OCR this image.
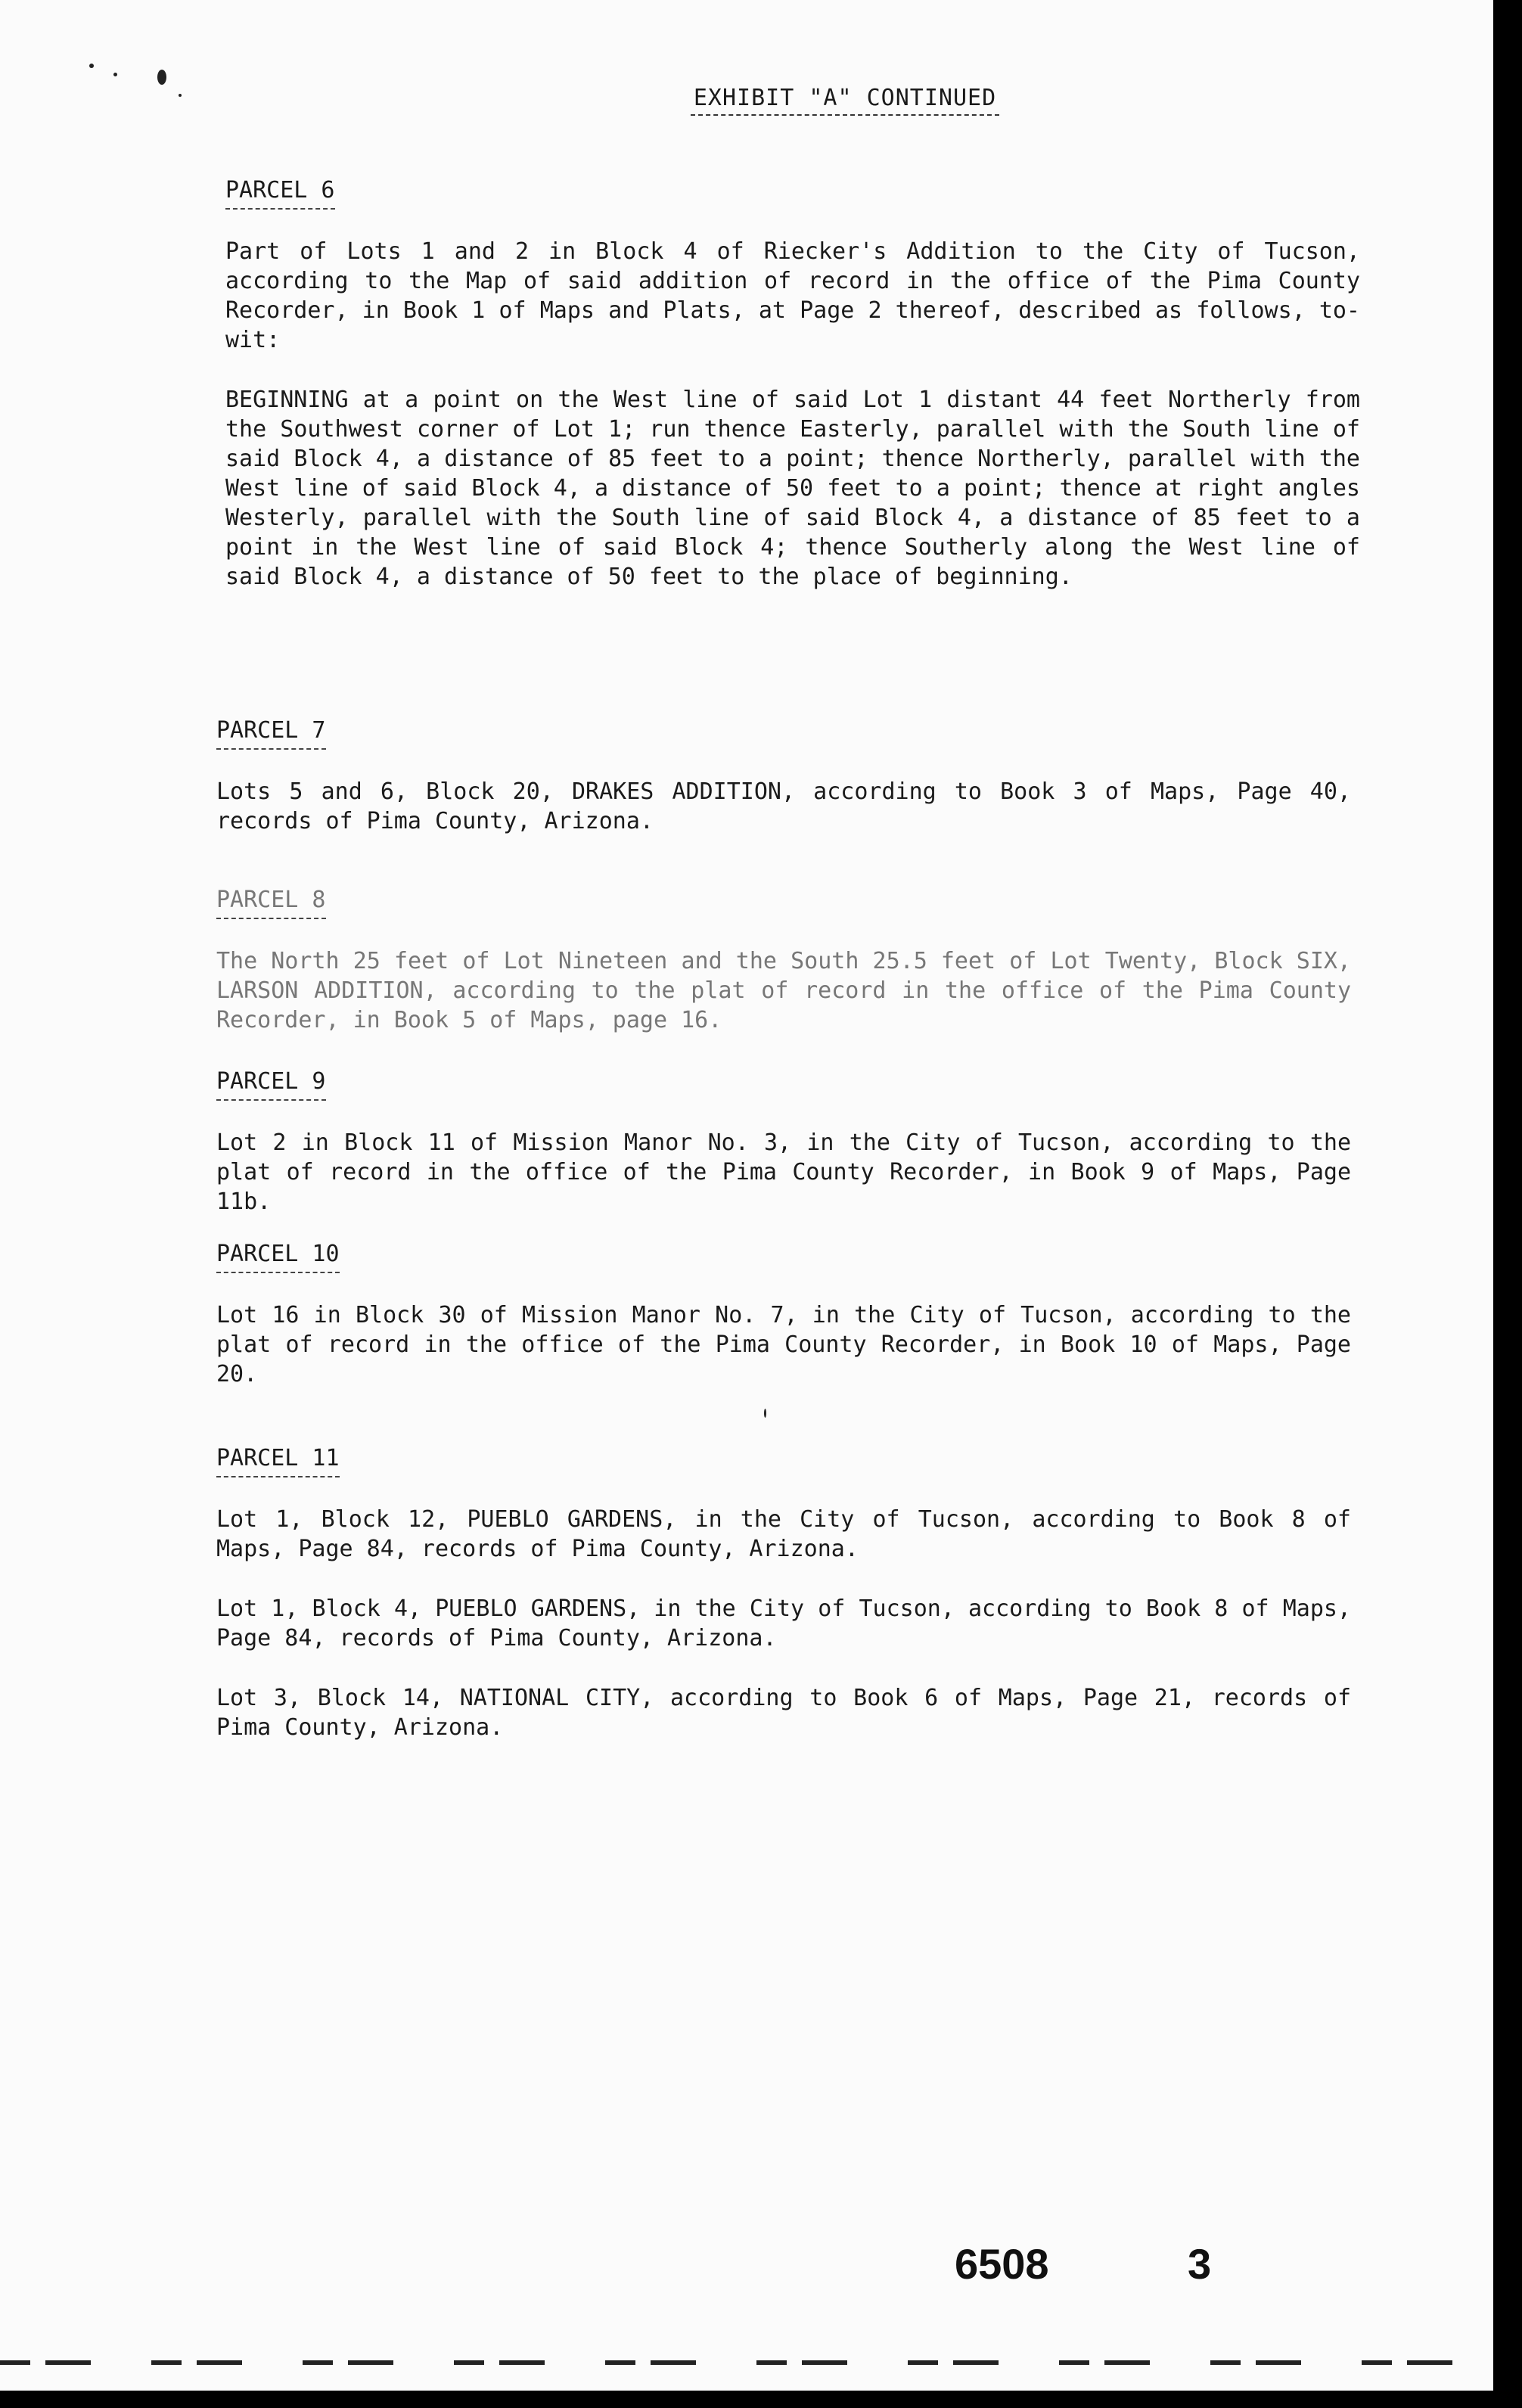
EXHIBIT "A" CONTINUED
PARCEL 6

Part of Lots 1 and 2 in Block 4 of Riecker's Addition to the City of Tucson, according to the Map of said addition of record in the office of the Pima County Recorder, in Book 1 of Maps and Plats, at Page 2 thereof, described as follows, to-wit:

BEGINNING at a point on the West line of said Lot 1 distant 44 feet Northerly from the Southwest corner of Lot 1; run thence Easterly, parallel with the South line of said Block 4, a distance of 85 feet to a point; thence Northerly, parallel with the West line of said Block 4, a distance of 50 feet to a point; thence at right angles Westerly, parallel with the South line of said Block 4, a distance of 85 feet to a point in the West line of said Block 4; thence Southerly along the West line of said Block 4, a distance of 50 feet to the place of beginning.

PARCEL 7

Lots 5 and 6, Block 20, DRAKES ADDITION, according to Book 3 of Maps, Page 40, records of Pima County, Arizona.

PARCEL 8

The North 25 feet of Lot Nineteen and the South 25.5 feet of Lot Twenty, Block SIX, LARSON ADDITION, according to the plat of record in the office of the Pima County Recorder, in Book 5 of Maps, page 16.

PARCEL 9

Lot 2 in Block 11 of Mission Manor No. 3, in the City of Tucson, according to the plat of record in the office of the Pima County Recorder, in Book 9 of Maps, Page 11b.

PARCEL 10

Lot 16 in Block 30 of Mission Manor No. 7, in the City of Tucson, according to the plat of record in the office of the Pima County Recorder, in Book 10 of Maps, Page 20.

PARCEL 11

Lot 1, Block 12, PUEBLO GARDENS, in the City of Tucson, according to Book 8 of Maps, Page 84, records of Pima County, Arizona.

Lot 1, Block 4, PUEBLO GARDENS, in the City of Tucson, according to Book 8 of Maps, Page 84, records of Pima County, Arizona.

Lot 3, Block 14, NATIONAL CITY, according to Book 6 of Maps, Page 21, records of Pima County, Arizona.

6508	3
